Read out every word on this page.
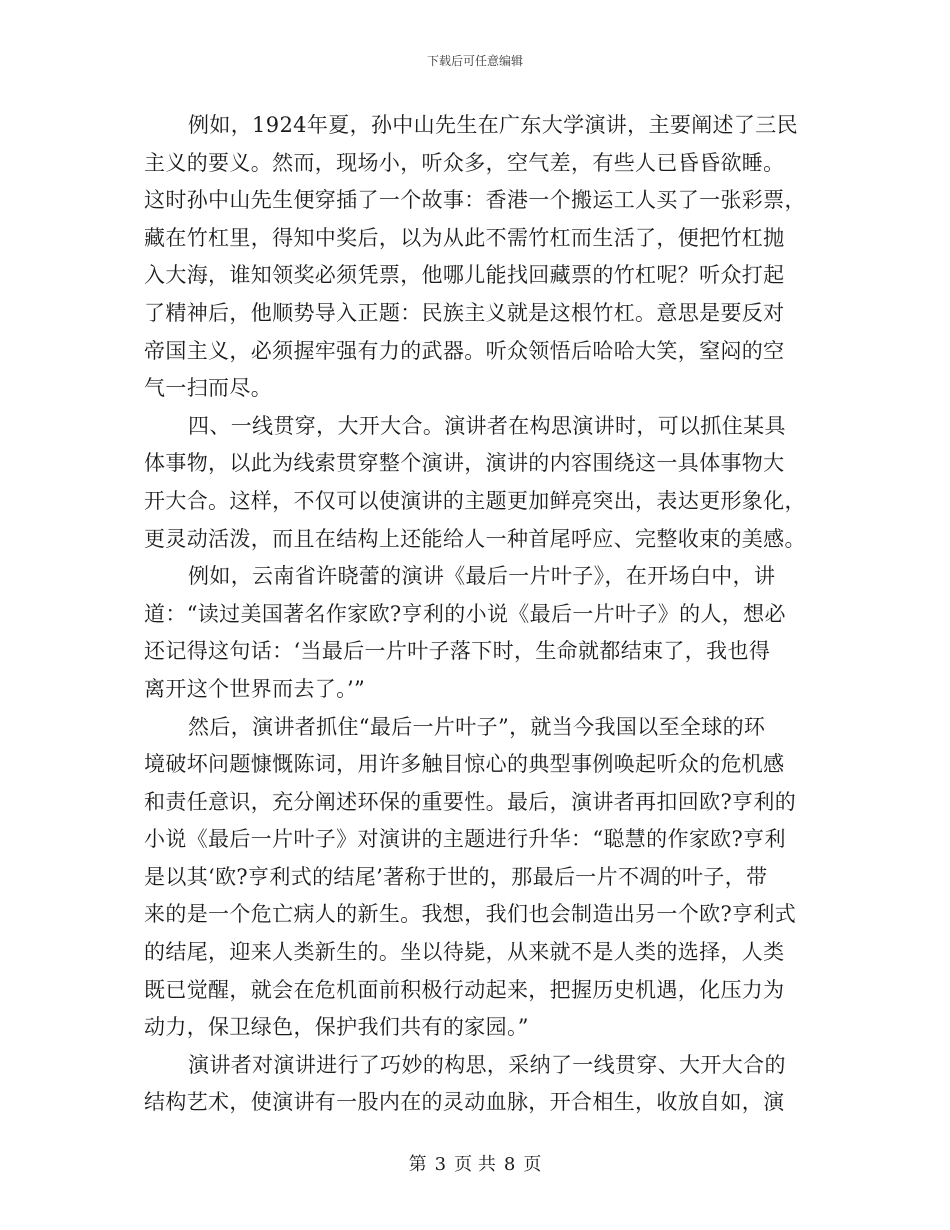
下载后可任意编辑
例如，1924年夏，孙中山先生在广东大学演讲，主要阐述了三民
主义的要义。然而，现场小，听众多，空气差，有些人已昏昏欲睡。
这时孙中山先生便穿插了一个故事：香港一个搬运工人买了一张彩票，
藏在竹杠里，得知中奖后，以为从此不需竹杠而生活了，便把竹杠抛
入大海，谁知领奖必须凭票，他哪儿能找回藏票的竹杠呢？听众打起
了精神后，他顺势导入正题：民族主义就是这根竹杠。意思是要反对
帝国主义，必须握牢强有力的武器。听众领悟后哈哈大笑，窒闷的空
气一扫而尽。
四、一线贯穿，大开大合。演讲者在构思演讲时，可以抓住某具
体事物，以此为线索贯穿整个演讲，演讲的内容围绕这一具体事物大
开大合。这样，不仅可以使演讲的主题更加鲜亮突出，表达更形象化，
更灵动活泼，而且在结构上还能给人一种首尾呼应、完整收束的美感。
例如，云南省许晓蕾的演讲《最后一片叶子》，在开场白中，讲
道：“读过美国著名作家欧?亨利的小说《最后一片叶子》的人，想必
还记得这句话：‘当最后一片叶子落下时，生命就都结束了，我也得
离开这个世界而去了。’”
然后，演讲者抓住“最后一片叶子”，就当今我国以至全球的环
境破坏问题慷慨陈词，用许多触目惊心的典型事例唤起听众的危机感
和责任意识，充分阐述环保的重要性。最后，演讲者再扣回欧?亨利的
小说《最后一片叶子》对演讲的主题进行升华：“聪慧的作家欧?亨利
是以其‘欧?亨利式的结尾’著称于世的，那最后一片不凋的叶子，带
来的是一个危亡病人的新生。我想，我们也会制造出另一个欧?亨利式
的结尾，迎来人类新生的。坐以待毙，从来就不是人类的选择，人类
既已觉醒，就会在危机面前积极行动起来，把握历史机遇，化压力为
动力，保卫绿色，保护我们共有的家园。”
演讲者对演讲进行了巧妙的构思，采纳了一线贯穿、大开大合的
结构艺术，使演讲有一股内在的灵动血脉，开合相生，收放自如，演
第 3 页 共 8 页
